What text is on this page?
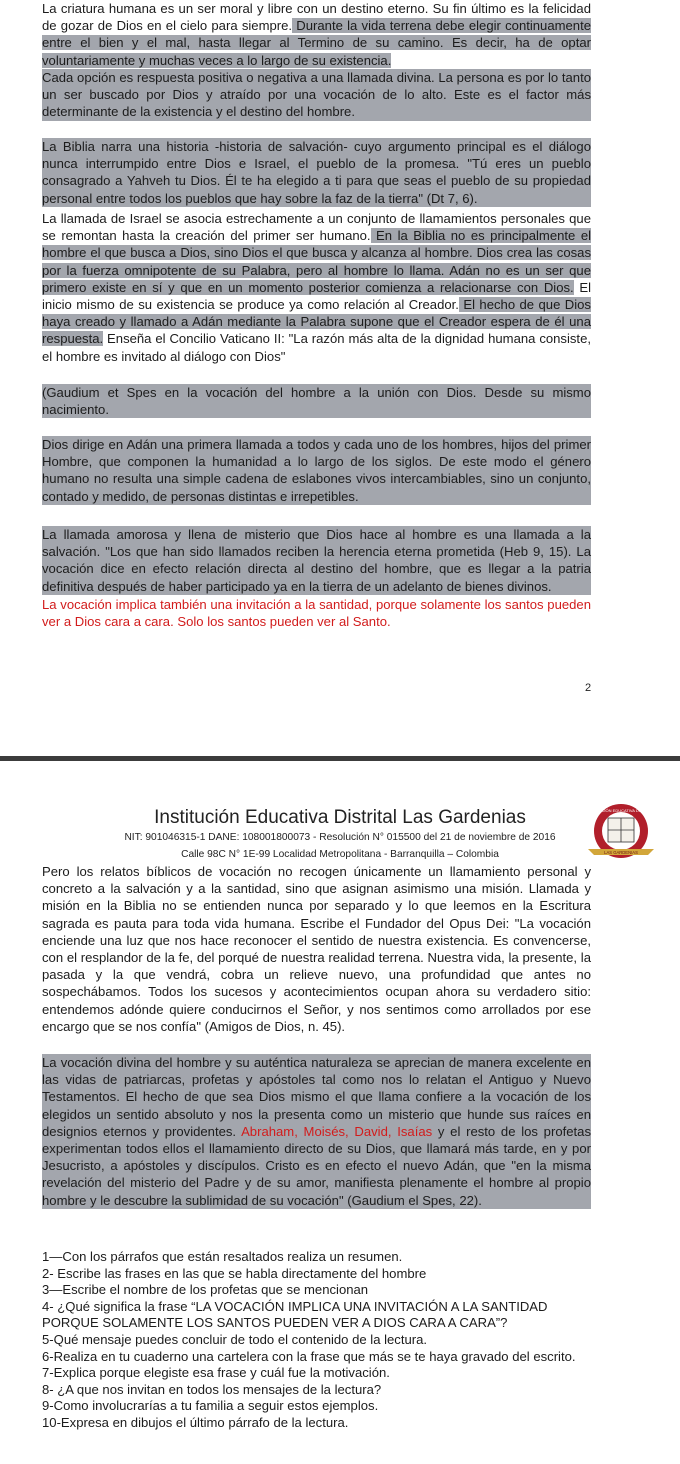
La criatura humana es un ser moral y libre con un destino eterno. Su fin último es la felicidad de gozar de Dios en el cielo para siempre. Durante la vida terrena debe elegir continuamente entre el bien y el mal, hasta llegar al Termino de su camino. Es decir, ha de optar voluntariamente y muchas veces a lo largo de su existencia.

Cada opción es respuesta positiva o negativa a una llamada divina. La persona es por lo tanto un ser buscado por Dios y atraído por una vocación de lo alto. Este es el factor más determinante de la existencia y el destino del hombre.

La Biblia narra una historia -historia de salvación- cuyo argumento principal es el diálogo nunca interrumpido entre Dios e Israel, el pueblo de la promesa. "Tú eres un pueblo consagrado a Yahveh tu Dios. Él te ha elegido a ti para que seas el pueblo de su propiedad personal entre todos los pueblos que hay sobre la faz de la tierra" (Dt 7, 6).

La llamada de Israel se asocia estrechamente a un conjunto de llamamientos personales que se remontan hasta la creación del primer ser humano. En la Biblia no es principalmente el hombre el que busca a Dios, sino Dios el que busca y alcanza al hombre. Dios crea las cosas por la fuerza omnipotente de su Palabra, pero al hombre lo llama. Adán no es un ser que primero existe en sí y que en un momento posterior comienza a relacionarse con Dios. El inicio mismo de su existencia se produce ya como relación al Creador. El hecho de que Dios haya creado y llamado a Adán mediante la Palabra supone que el Creador espera de él una respuesta. Enseña el Concilio Vaticano II: "La razón más alta de la dignidad humana consiste, el hombre es invitado al diálogo con Dios"

(Gaudium et Spes en la vocación del hombre a la unión con Dios. Desde su mismo nacimiento.

Dios dirige en Adán una primera llamada a todos y cada uno de los hombres, hijos del primer Hombre, que componen la humanidad a lo largo de los siglos. De este modo el género humano no resulta una simple cadena de eslabones vivos intercambiables, sino un conjunto, contado y medido, de personas distintas e irrepetibles.

La llamada amorosa y llena de misterio que Dios hace al hombre es una llamada a la salvación. "Los que han sido llamados reciben la herencia eterna prometida (Heb 9, 15). La vocación dice en efecto relación directa al destino del hombre, que es llegar a la patria definitiva después de haber participado ya en la tierra de un adelanto de bienes divinos.

La vocación implica también una invitación a la santidad, porque solamente los santos pueden ver a Dios cara a cara. Solo los santos pueden ver al Santo.

2
Institución Educativa Distrital Las Gardenias
NIT: 901046315-1 DANE: 108001800073 - Resolución N° 015500 del 21 de noviembre de 2016
Calle 98C N° 1E-99 Localidad Metropolitana - Barranquilla – Colombia
INSTITUCIÓN EDUCATIVA DISTRITAL
LAS GARDENIAS

Pero los relatos bíblicos de vocación no recogen únicamente un llamamiento personal y concreto a la salvación y a la santidad, sino que asignan asimismo una misión. Llamada y misión en la Biblia no se entienden nunca por separado y lo que leemos en la Escritura sagrada es pauta para toda vida humana. Escribe el Fundador del Opus Dei: "La vocación enciende una luz que nos hace reconocer el sentido de nuestra existencia. Es convencerse, con el resplandor de la fe, del porqué de nuestra realidad terrena. Nuestra vida, la presente, la pasada y la que vendrá, cobra un relieve nuevo, una profundidad que antes no sospechábamos. Todos los sucesos y acontecimientos ocupan ahora su verdadero sitio: entendemos adónde quiere conducirnos el Señor, y nos sentimos como arrollados por ese encargo que se nos confía" (Amigos de Dios, n. 45).

La vocación divina del hombre y su auténtica naturaleza se aprecian de manera excelente en las vidas de patriarcas, profetas y apóstoles tal como nos lo relatan el Antiguo y Nuevo Testamentos. El hecho de que sea Dios mismo el que llama confiere a la vocación de los elegidos un sentido absoluto y nos la presenta como un misterio que hunde sus raíces en designios eternos y providentes. Abraham, Moisés, David, Isaías y el resto de los profetas experimentan todos ellos el llamamiento directo de su Dios, que llamará más tarde, en y por Jesucristo, a apóstoles y discípulos. Cristo es en efecto el nuevo Adán, que "en la misma revelación del misterio del Padre y de su amor, manifiesta plenamente el hombre al propio hombre y le descubre la sublimidad de su vocación" (Gaudium el Spes, 22).

1—Con los párrafos que están resaltados realiza un resumen.
2- Escribe las frases en las que se habla directamente del hombre
3—Escribe el nombre de los profetas que se mencionan
4- ¿Qué significa la frase “LA VOCACIÓN IMPLICA UNA INVITACIÓN A LA SANTIDAD PORQUE SOLAMENTE LOS SANTOS PUEDEN VER A DIOS CARA A CARA”?
5-Qué mensaje puedes concluir de todo el contenido de la lectura.
6-Realiza en tu cuaderno una cartelera con la frase que más se te haya gravado del escrito.
7-Explica porque elegiste esa frase y cuál fue la motivación.
8- ¿A que nos invitan en todos los mensajes de la lectura?
9-Como involucrarías a tu familia a seguir estos ejemplos.
10-Expresa en dibujos el último párrafo de la lectura.
